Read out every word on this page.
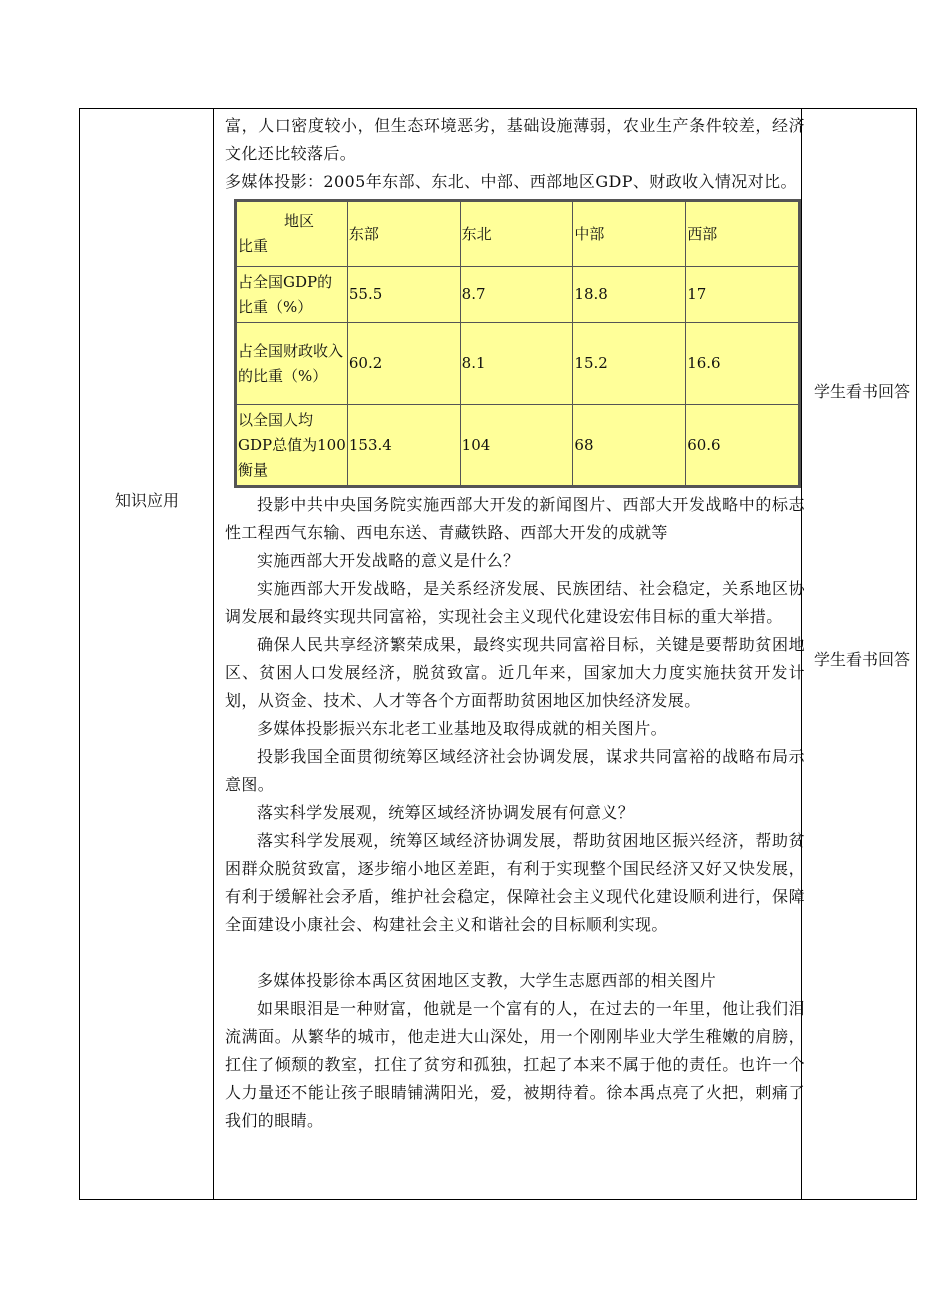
知识应用

富，人口密度较小，但生态环境恶劣，基础设施薄弱，农业生产条件较差，经济文化还比较落后。

多媒体投影：2005年东部、东北、中部、西部地区GDP、财政收入情况对比。

地区
比重	东部	东北	中部	西部
占全国GDP的比重（%）	55.5	8.7	18.8	17
占全国财政收入的比重（%）	60.2	8.1	15.2	16.6
以全国人均GDP总值为100衡量	153.4	104	68	60.6

投影中共中央国务院实施西部大开发的新闻图片、西部大开发战略中的标志性工程西气东输、西电东送、青藏铁路、西部大开发的成就等

实施西部大开发战略的意义是什么？

实施西部大开发战略，是关系经济发展、民族团结、社会稳定，关系地区协调发展和最终实现共同富裕，实现社会主义现代化建设宏伟目标的重大举措。

确保人民共享经济繁荣成果，最终实现共同富裕目标，关键是要帮助贫困地区、贫困人口发展经济，脱贫致富。近几年来，国家加大力度实施扶贫开发计划，从资金、技术、人才等各个方面帮助贫困地区加快经济发展。

多媒体投影振兴东北老工业基地及取得成就的相关图片。

投影我国全面贯彻统筹区域经济社会协调发展，谋求共同富裕的战略布局示意图。

落实科学发展观，统筹区域经济协调发展有何意义？

落实科学发展观，统筹区域经济协调发展，帮助贫困地区振兴经济，帮助贫困群众脱贫致富，逐步缩小地区差距，有利于实现整个国民经济又好又快发展，有利于缓解社会矛盾，维护社会稳定，保障社会主义现代化建设顺利进行，保障全面建设小康社会、构建社会主义和谐社会的目标顺利实现。

多媒体投影徐本禹区贫困地区支教，大学生志愿西部的相关图片

如果眼泪是一种财富，他就是一个富有的人，在过去的一年里，他让我们泪流满面。从繁华的城市，他走进大山深处，用一个刚刚毕业大学生稚嫩的肩膀，扛住了倾颓的教室，扛住了贫穷和孤独，扛起了本来不属于他的责任。也许一个人力量还不能让孩子眼睛铺满阳光，爱，被期待着。徐本禹点亮了火把，刺痛了我们的眼睛。

学生看书回答
学生看书回答
